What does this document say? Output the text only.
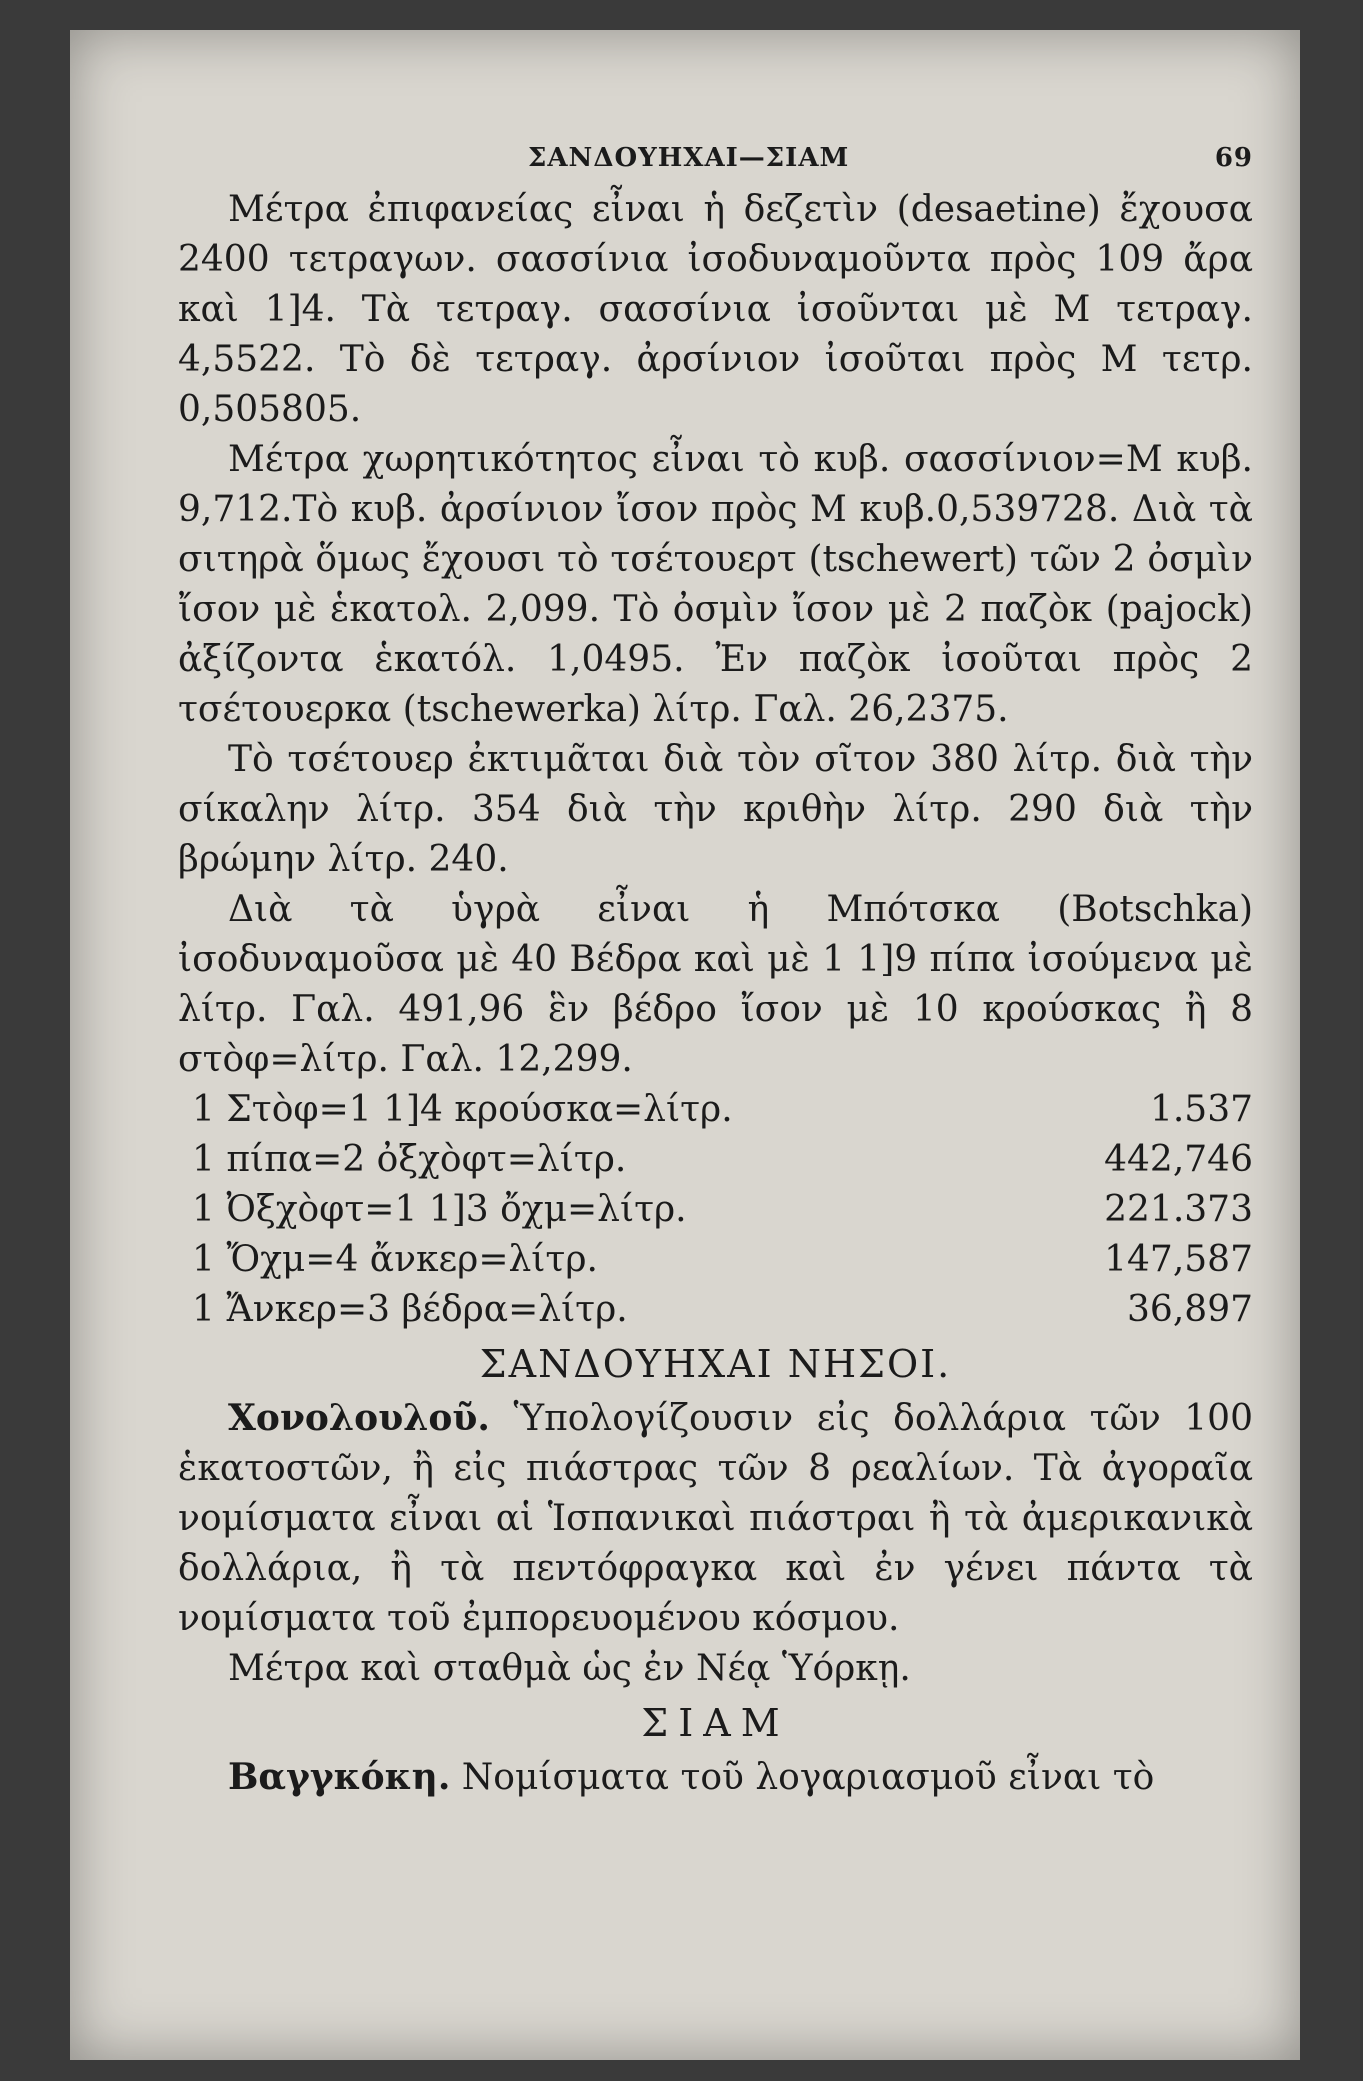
ΣΑΝΔΟΥΗΧΑΙ—ΣΙΑΜ	69

Μέτρα ἐπιφανείας εἶναι ἡ δεζετὶν (desaetine) ἔχουσα 2400 τετραγων. σασσίνια ἰσοδυναμοῦντα πρὸς 109 ἄρα καὶ 1]4. Τὰ τετραγ. σασσίνια ἰσοῦνται μὲ Μ τετραγ. 4,5522. Τὸ δὲ τετραγ. ἀρσίνιον ἰσοῦται πρὸς Μ τετρ. 0,505805.

Μέτρα χωρητικότητος εἶναι τὸ κυβ. σασσίνιον=Μ κυβ. 9,712.Τὸ κυβ. ἀρσίνιον ἴσον πρὸς Μ κυβ.0,539728. Διὰ τὰ σιτηρὰ ὅμως ἔχουσι τὸ τσέτουερτ (tschewert) τῶν 2 ὀσμὶν ἴσον μὲ ἑκατολ. 2,099. Τὸ ὀσμὶν ἴσον μὲ 2 παζὸκ (pajock) ἀξίζοντα ἑκατόλ. 1,0495. Ἐν παζὸκ ἰσοῦται πρὸς 2 τσέτουερκα (tschewerka) λίτρ. Γαλ. 26,2375.

Τὸ τσέτουερ ἐκτιμᾶται διὰ τὸν σῖτον 380 λίτρ. διὰ τὴν σίκαλην λίτρ. 354 διὰ τὴν κριθὴν λίτρ. 290 διὰ τὴν βρώμην λίτρ. 240.

Διὰ τὰ ὑγρὰ εἶναι ἡ Μπότσκα (Botschka) ἰσοδυναμοῦσα μὲ 40 Βέδρα καὶ μὲ 1 1]9 πίπα ἰσούμενα μὲ λίτρ. Γαλ. 491,96 ἓν βέδρο ἴσον μὲ 10 κρούσκας ἢ 8 στὸφ=λίτρ. Γαλ. 12,299.

1 Στὸφ=1 1]4 κρούσκα=λίτρ.	1.537
1 πίπα=2 ὀξχὸφτ=λίτρ.	442,746
1 Ὀξχὸφτ=1 1]3 ὄχμ=λίτρ.	221.373
1 Ὄχμ=4 ἄνκερ=λίτρ.	147,587
1 Ἄνκερ=3 βέδρα=λίτρ.	36,897
ΣΑΝΔΟΥΗΧΑΙ ΝΗΣΟΙ.

Χονολουλοῦ. Ὑπολογίζουσιν εἰς δολλάρια τῶν 100 ἑκατοστῶν, ἢ εἰς πιάστρας τῶν 8 ρεαλίων. Τὰ ἀγοραῖα νομίσματα εἶναι αἱ Ἱσπανικαὶ πιάστραι ἢ τὰ ἀμερικανικὰ δολλάρια, ἢ τὰ πεντόφραγκα καὶ ἐν γένει πάντα τὰ νομίσματα τοῦ ἐμπορευομένου κόσμου.

Μέτρα καὶ σταθμὰ ὡς ἐν Νέᾳ Ὑόρκῃ.

ΣΙΑΜ

Βαγγκόκη. Νομίσματα τοῦ λογαριασμοῦ εἶναι τὸ
